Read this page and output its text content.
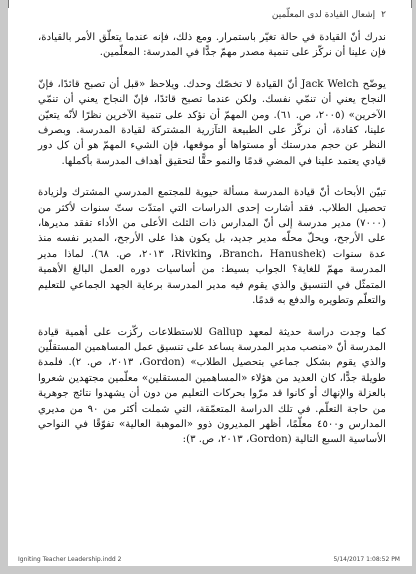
٢
إشعال القيادة لدى المعلّمين

ندرك أنّ القيادة في حالة تغيّر باستمرار. ومع ذلك، فإنه عندما يتعلّق الأمر بالقيادة، فإن علينا أن نركّز على تنمية مصدر مهمّ جدًّا في المدرسة: المعلّمين.

يوضّح Jack Welch أنّ القيادة لا تخصّك وحدك. ويلاحظ «قبل أن تصبح قائدًا، فإنّ النجاح يعني أن تنمّي نفسك. ولكن عندما تصبح قائدًا، فإنّ النجاح يعني أن تنمّي الآخرين» (٢٠٠٥، ص. ٦١). ومن المهمّ أن نؤكد على تنمية الآخرين نظرًا لأنّه يتعيّن علينا، كقادة، أن نركّز على الطبيعة التآزرية المشتركة لقيادة المدرسة. وبصرف النظر عن حجم مدرستك أو مستواها أو موقعها، فإن الشيء المهمّ هو أن كل دور قيادي يعتمد علينا في المضي قدمًا والنمو حقًّا لتحقيق أهداف المدرسة بأكملها.

تبيّن الأبحاث أنّ قيادة المدرسة مسألة حيوية للمجتمع المدرسي المشترك ولزيادة تحصيل الطلاب. فقد أشارت إحدى الدراسات التي امتدّت ستّ سنوات لأكثر من (٧٠٠٠) مدير مدرسة إلى أنّ المدارس ذات الثلث الأعلى من الأداء تفقد مديرها، على الأرجح، ويحلّ محلّه مدير جديد، بل يكون هذا على الأرجح، المدير نفسه منذ عدة سنوات (Branch، Hanushek، وRivkin، ٢٠١٣، ص. ٦٨). لماذا مدير المدرسة مهمّ للغاية؟ الجواب بسيط: من أساسيات دوره العمل البالغ الأهمية المتمثّل في التنسيق والذي يقوم فيه مدير المدرسة برعاية الجهد الجماعي للتعليم والتعلّم وتطويره والدفع به قدمًا.

كما وجدت دراسة حديثة لمعهد Gallup للاستطلاعات ركّزت على أهمية قيادة المدرسة أنّ «منصب مدير المدرسة يساعد على تنسيق عمل المساهمين المستقلّين والذي يقوم بشكل جماعي بتحصيل الطلاب» (Gordon، ٢٠١٣، ص. ٢). فلمدة طويلة جدًّا، كان العديد من هؤلاء «المساهمين المستقلين» معلّمين مجتهدين شعروا بالعزلة والإنهاك أو كانوا قد مرّوا بحركات التعليم من دون أن يشهدوا نتائج جوهرية من حاجة التعلّم. في تلك الدراسة المتعمّقة، التي شملت أكثر من ٩٠ من مديري المدارس و٤٥٠٠ معلّمًا، أظهر المديرون ذوو «الموهبة العالية» تفوّقًا في النواحي الأساسية السبع التالية (Gordon، ٢٠١٣، ص. ٣):

Igniting Teacher Leadership.indd 2	5/14/2017 1:08:52 PM
